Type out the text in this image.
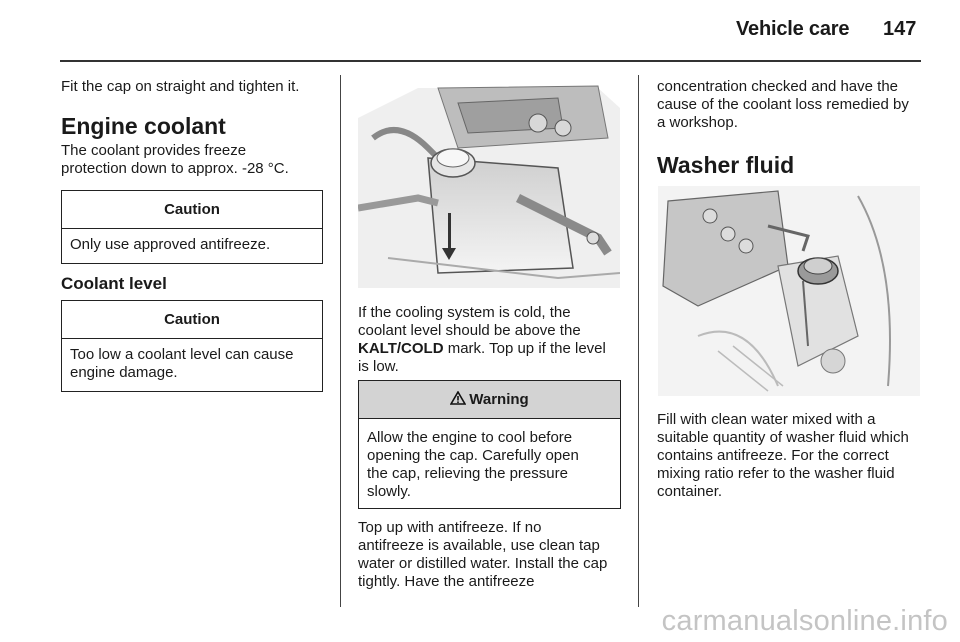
Vehicle care 147

Fit the cap on straight and tighten it.

Engine coolant

The coolant provides freeze

protection down to approx. -28 °C.

Caution
Only use approved antifreeze.
Coolant level
Caution
Too low a coolant level can cause
engine damage.

If the cooling system is cold, the

coolant level should be above the

KALT/COLD mark. Top up if the level

is low.

Warning
Allow the engine to cool before
opening the cap. Carefully open
the cap, relieving the pressure
slowly.

Top up with antifreeze. If no

antifreeze is available, use clean tap

water or distilled water. Install the cap

tightly. Have the antifreeze

concentration checked and have the

cause of the coolant loss remedied by

a workshop.

Washer fluid

Fill with clean water mixed with a

suitable quantity of washer fluid which

contains antifreeze. For the correct

mixing ratio refer to the washer fluid

container.

carmanualsonline.info
